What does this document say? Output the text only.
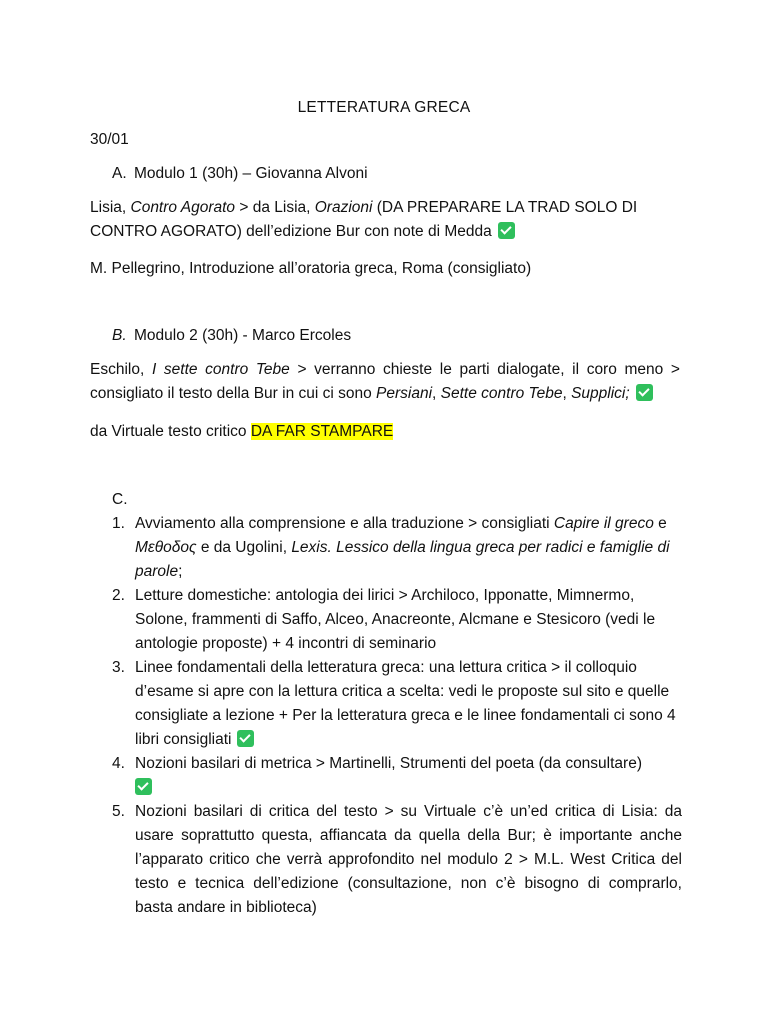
LETTERATURA GRECA

30/01

A. Modulo 1 (30h) – Giovanna Alvoni

Lisia, Contro Agorato > da Lisia, Orazioni (DA PREPARARE LA TRAD SOLO DI CONTRO AGORATO) dell’edizione Bur con note di Medda

M. Pellegrino, Introduzione all’oratoria greca, Roma (consigliato)

B. Modulo 2 (30h) - Marco Ercoles

Eschilo, I sette contro Tebe > verranno chieste le parti dialogate, il coro meno > consigliato il testo della Bur in cui ci sono Persiani, Sette contro Tebe, Supplici;

da Virtuale testo critico DA FAR STAMPARE

C.
1. Avviamento alla comprensione e alla traduzione > consigliati Capire il greco e Μεθοδος e da Ugolini, Lexis. Lessico della lingua greca per radici e famiglie di parole;
2. Letture domestiche: antologia dei lirici > Archiloco, Ipponatte, Mimnermo, Solone, frammenti di Saffo, Alceo, Anacreonte, Alcmane e Stesicoro (vedi le antologie proposte) + 4 incontri di seminario
3. Linee fondamentali della letteratura greca: una lettura critica > il colloquio d’esame si apre con la lettura critica a scelta: vedi le proposte sul sito e quelle consigliate a lezione + Per la letteratura greca e le linee fondamentali ci sono 4 libri consigliati
4. Nozioni basilari di metrica > Martinelli, Strumenti del poeta (da consultare)

5. Nozioni basilari di critica del testo > su Virtuale c’è un’ed critica di Lisia: da usare soprattutto questa, affiancata da quella della Bur; è importante anche l’apparato critico che verrà approfondito nel modulo 2 > M.L. West Critica del testo e tecnica dell’edizione (consultazione, non c’è bisogno di comprarlo, basta andare in biblioteca)
